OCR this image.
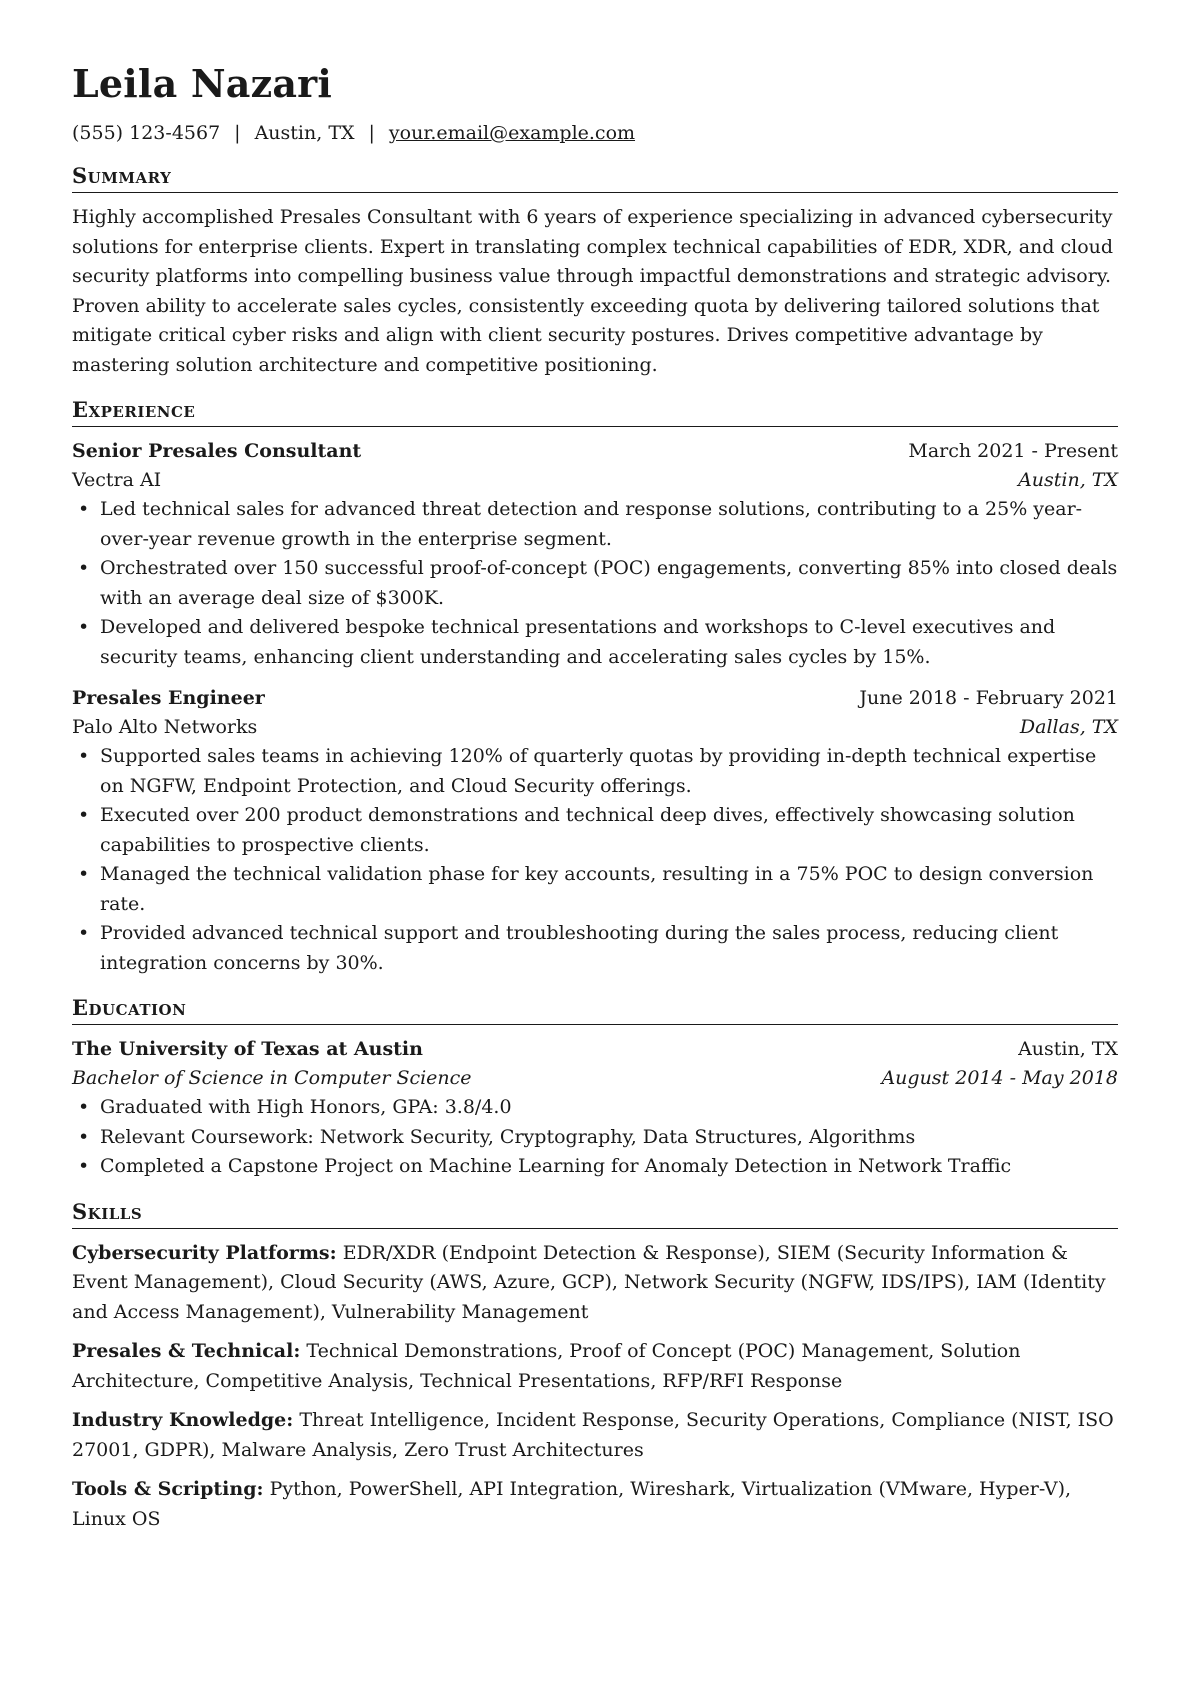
Leila Nazari
(555) 123-4567 | Austin, TX | your.email@example.com
Summary

Highly accomplished Presales Consultant with 6 years of experience specializing in advanced cybersecurity solutions for enterprise clients. Expert in translating complex technical capabilities of EDR, XDR, and cloud security platforms into compelling business value through impactful demonstrations and strategic advisory. Proven ability to accelerate sales cycles, consistently exceeding quota by delivering tailored solutions that mitigate critical cyber risks and align with client security postures. Drives competitive advantage by mastering solution architecture and competitive positioning.

Experience
Senior Presales Consultant	March 2021 - Present
Vectra AI	Austin, TX
• Led technical sales for advanced threat detection and response solutions, contributing to a 25% year-over-year revenue growth in the enterprise segment.
• Orchestrated over 150 successful proof-of-concept (POC) engagements, converting 85% into closed deals with an average deal size of $300K.
• Developed and delivered bespoke technical presentations and workshops to C-level executives and security teams, enhancing client understanding and accelerating sales cycles by 15%.
Presales Engineer	June 2018 - February 2021
Palo Alto Networks	Dallas, TX
• Supported sales teams in achieving 120% of quarterly quotas by providing in-depth technical expertise on NGFW, Endpoint Protection, and Cloud Security offerings.
• Executed over 200 product demonstrations and technical deep dives, effectively showcasing solution capabilities to prospective clients.
• Managed the technical validation phase for key accounts, resulting in a 75% POC to design conversion rate.
• Provided advanced technical support and troubleshooting during the sales process, reducing client integration concerns by 30%.
Education
The University of Texas at Austin	Austin, TX
Bachelor of Science in Computer Science	August 2014 - May 2018
• Graduated with High Honors, GPA: 3.8/4.0
• Relevant Coursework: Network Security, Cryptography, Data Structures, Algorithms
• Completed a Capstone Project on Machine Learning for Anomaly Detection in Network Traffic
Skills
Cybersecurity Platforms: EDR/XDR (Endpoint Detection & Response), SIEM (Security Information & Event Management), Cloud Security (AWS, Azure, GCP), Network Security (NGFW, IDS/IPS), IAM (Identity and Access Management), Vulnerability Management
Presales & Technical: Technical Demonstrations, Proof of Concept (POC) Management, Solution Architecture, Competitive Analysis, Technical Presentations, RFP/RFI Response
Industry Knowledge: Threat Intelligence, Incident Response, Security Operations, Compliance (NIST, ISO 27001, GDPR), Malware Analysis, Zero Trust Architectures
Tools & Scripting: Python, PowerShell, API Integration, Wireshark, Virtualization (VMware, Hyper-V), Linux OS
